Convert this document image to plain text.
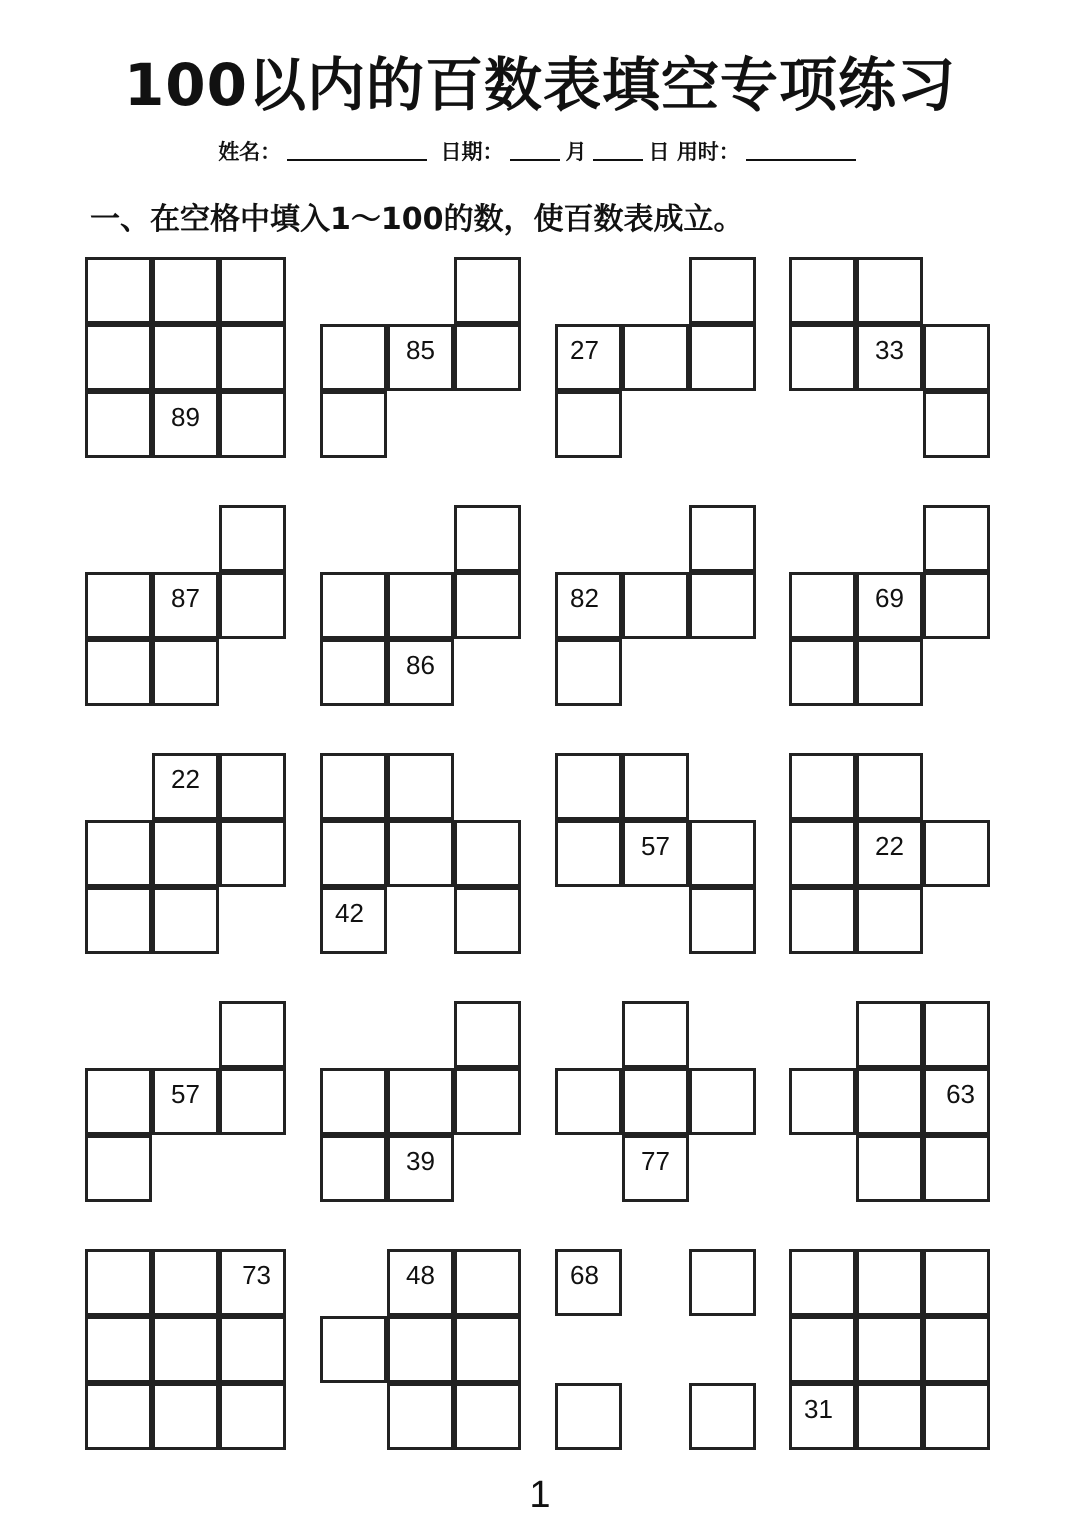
100以内的百数表填空专项练习
姓名：	日期：	月	日 用时：
一、在空格中填入1～100的数，使百数表成立。
89
85	27	33
87
86
82	69
22
42
57	22
57
39	77
63
73	48	68
31
1
